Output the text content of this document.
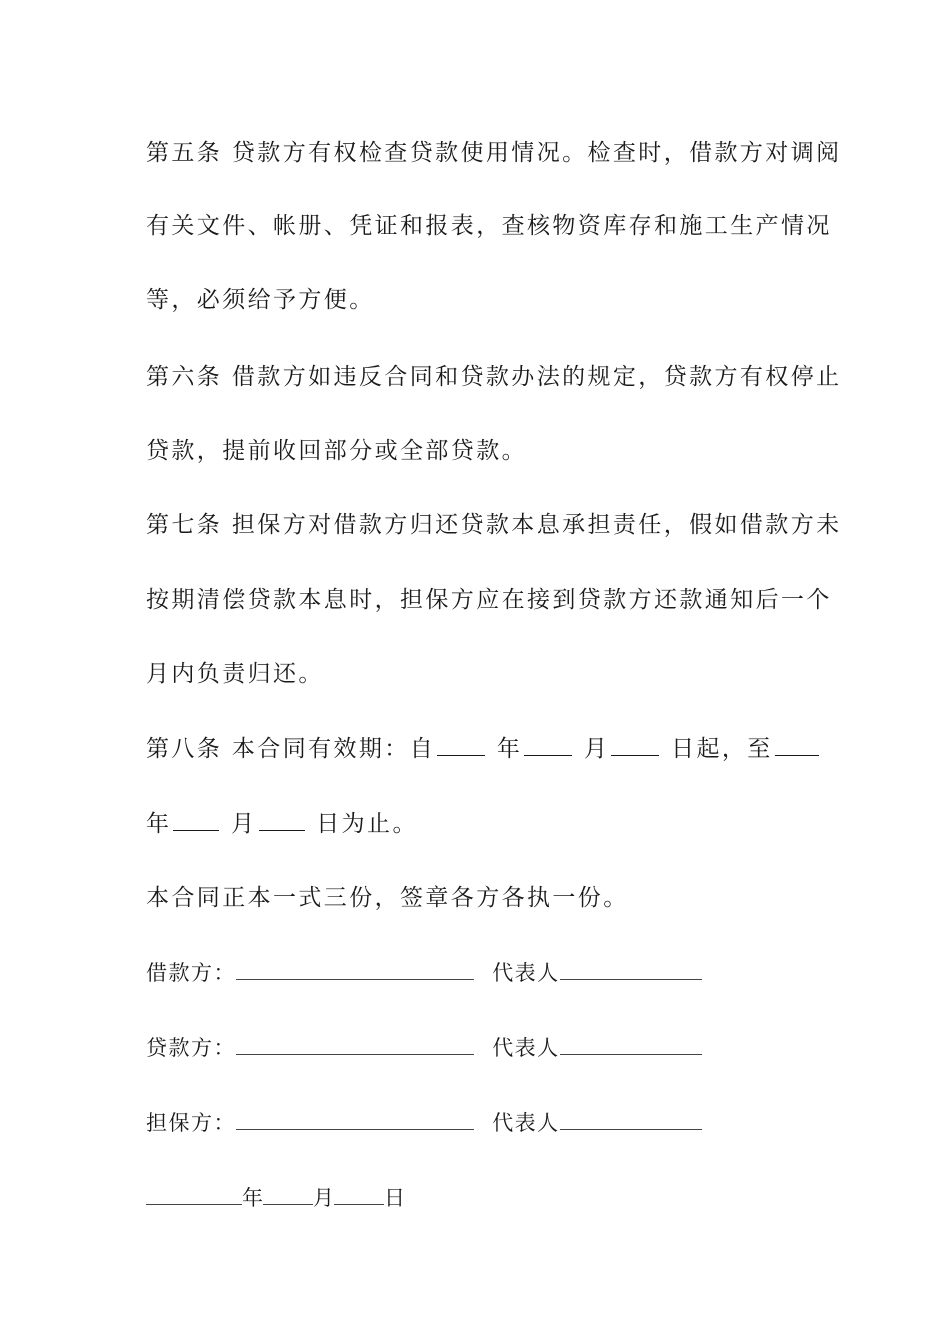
第五条 贷款方有权检查贷款使用情况。检查时，借款方对调阅
有关文件、帐册、凭证和报表，查核物资库存和施工生产情况
等，必须给予方便。
第六条 借款方如违反合同和贷款办法的规定，贷款方有权停止
贷款，提前收回部分或全部贷款。
第七条 担保方对借款方归还贷款本息承担责任，假如借款方未
按期清偿贷款本息时，担保方应在接到贷款方还款通知后一个
月内负责归还。
第八条 本合同有效期：自	年	月	日起，至
年	月	日为止。
本合同正本一式三份，签章各方各执一份。
借款方：	代表人
贷款方：	代表人
担保方：	代表人
年 月 日
